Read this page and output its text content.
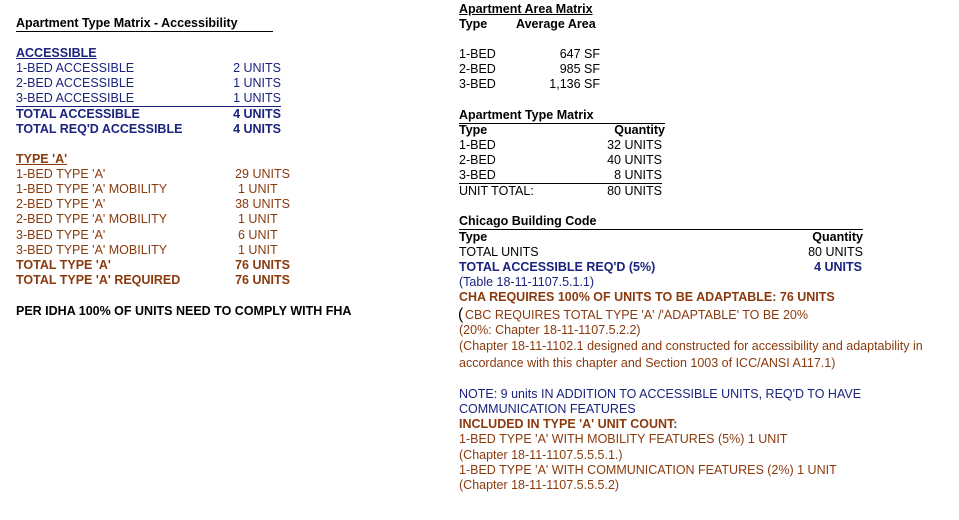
Apartment Type Matrix - Accessibility
ACCESSIBLE
1-BED ACCESSIBLE	2 UNITS
2-BED ACCESSIBLE	1 UNITS
3-BED ACCESSIBLE	1 UNITS
TOTAL ACCESSIBLE	4 UNITS
TOTAL REQ'D ACCESSIBLE	4 UNITS
TYPE 'A'
1-BED TYPE 'A'	29 UNITS
1-BED TYPE 'A' MOBILITY	1 UNIT
2-BED TYPE 'A'	38 UNITS
2-BED TYPE 'A' MOBILITY	1 UNIT
3-BED TYPE 'A'	6 UNIT
3-BED TYPE 'A' MOBILITY	1 UNIT
TOTAL TYPE 'A'	76 UNITS
TOTAL TYPE 'A' REQUIRED	76 UNITS
PER IDHA 100% OF UNITS NEED TO COMPLY WITH FHA
Apartment Area Matrix
Type Average Area
1-BED	647 SF
2-BED	985 SF
3-BED	1,136 SF
Apartment Type Matrix
Type	Quantity
1-BED	32 UNITS
2-BED	40 UNITS
3-BED	8 UNITS
UNIT TOTAL:	80 UNITS
Chicago Building Code
Type	Quantity
TOTAL UNITS	80 UNITS
TOTAL ACCESSIBLE REQ'D (5%)	4 UNITS
(Table 18-11-1107.5.1.1)
CHA REQUIRES 100% OF UNITS TO BE ADAPTABLE: 76 UNITS
( CBC REQUIRES TOTAL TYPE 'A' /'ADAPTABLE' TO BE 20%
(20%: Chapter 18-11-1107.5.2.2)
(Chapter 18-11-1102.1 designed and constructed for accessibility and adaptability in
accordance with this chapter and Section 1003 of ICC/ANSI A117.1)
NOTE: 9 units IN ADDITION TO ACCESSIBLE UNITS, REQ'D TO HAVE
COMMUNICATION FEATURES
INCLUDED IN TYPE 'A' UNIT COUNT:
1-BED TYPE 'A' WITH MOBILITY FEATURES (5%) 1 UNIT
(Chapter 18-11-1107.5.5.5.1.)
1-BED TYPE 'A' WITH COMMUNICATION FEATURES (2%) 1 UNIT
(Chapter 18-11-1107.5.5.5.2)
